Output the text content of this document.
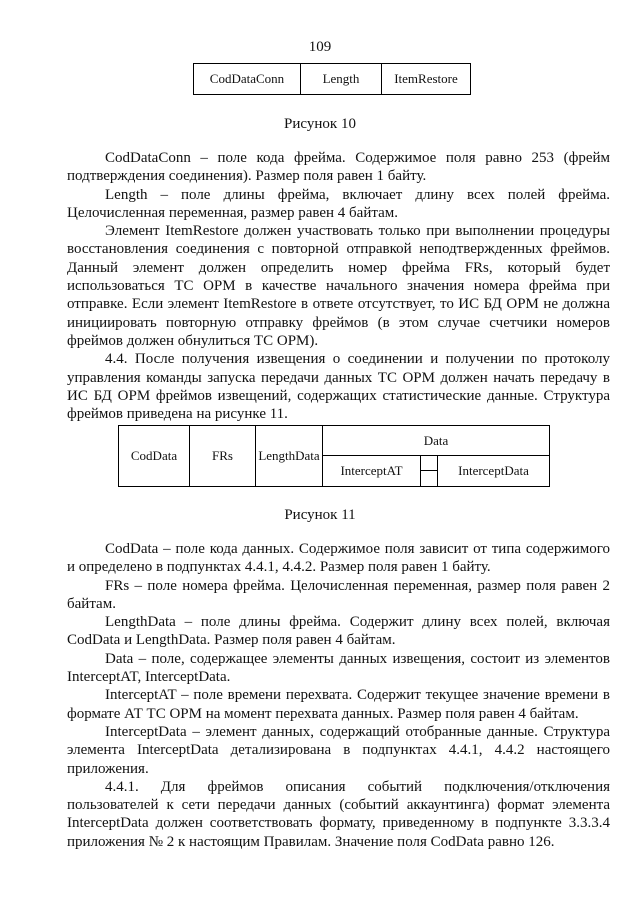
109
CodDataConn	Length	ItemRestore
Рисунок 10

CodDataConn – поле кода фрейма. Содержимое поля равно 253 (фрейм подтверждения соединения). Размер поля равен 1 байту.

Length – поле длины фрейма, включает длину всех полей фрейма. Целочисленная переменная, размер равен 4 байтам.

Элемент ItemRestore должен участвовать только при выполнении процедуры восстановления соединения с повторной отправкой неподтвержденных фреймов. Данный элемент должен определить номер фрейма FRs, который будет использоваться ТС ОРМ в качестве начального значения номера фрейма при отправке. Если элемент ItemRestore в ответе отсутствует, то ИС БД ОРМ не должна инициировать повторную отправку фреймов (в этом случае счетчики номеров фреймов должен обнулиться ТС ОРМ).

4.4. После получения извещения о соединении и получении по протоколу управления команды запуска передачи данных ТС ОРМ должен начать передачу в ИС БД ОРМ фреймов извещений, содержащих статистические данные. Структура фреймов приведена на рисунке 11.

CodData	FRs	LengthData	Data		
			InterceptAT		InterceptData
Рисунок 11

CodData – поле кода данных. Содержимое поля зависит от типа содержимого и определено в подпунктах 4.4.1, 4.4.2. Размер поля равен 1 байту.

FRs – поле номера фрейма. Целочисленная переменная, размер поля равен 2 байтам.

LengthData – поле длины фрейма. Содержит длину всех полей, включая CodData и LengthData. Размер поля равен 4 байтам.

Data – поле, содержащее элементы данных извещения, состоит из элементов InterceptAT, InterceptData.

InterceptAT – поле времени перехвата. Содержит текущее значение времени в формате АТ ТС ОРМ на момент перехвата данных. Размер поля равен 4 байтам.

InterceptData – элемент данных, содержащий отобранные данные. Структура элемента InterceptData детализирована в подпунктах 4.4.1, 4.4.2 настоящего приложения.

4.4.1. Для фреймов описания событий подключения/отключения пользователей к сети передачи данных (событий аккаунтинга) формат элемента InterceptData должен соответствовать формату, приведенному в подпункте 3.3.3.4 приложения № 2 к настоящим Правилам. Значение поля CodData равно 126.
